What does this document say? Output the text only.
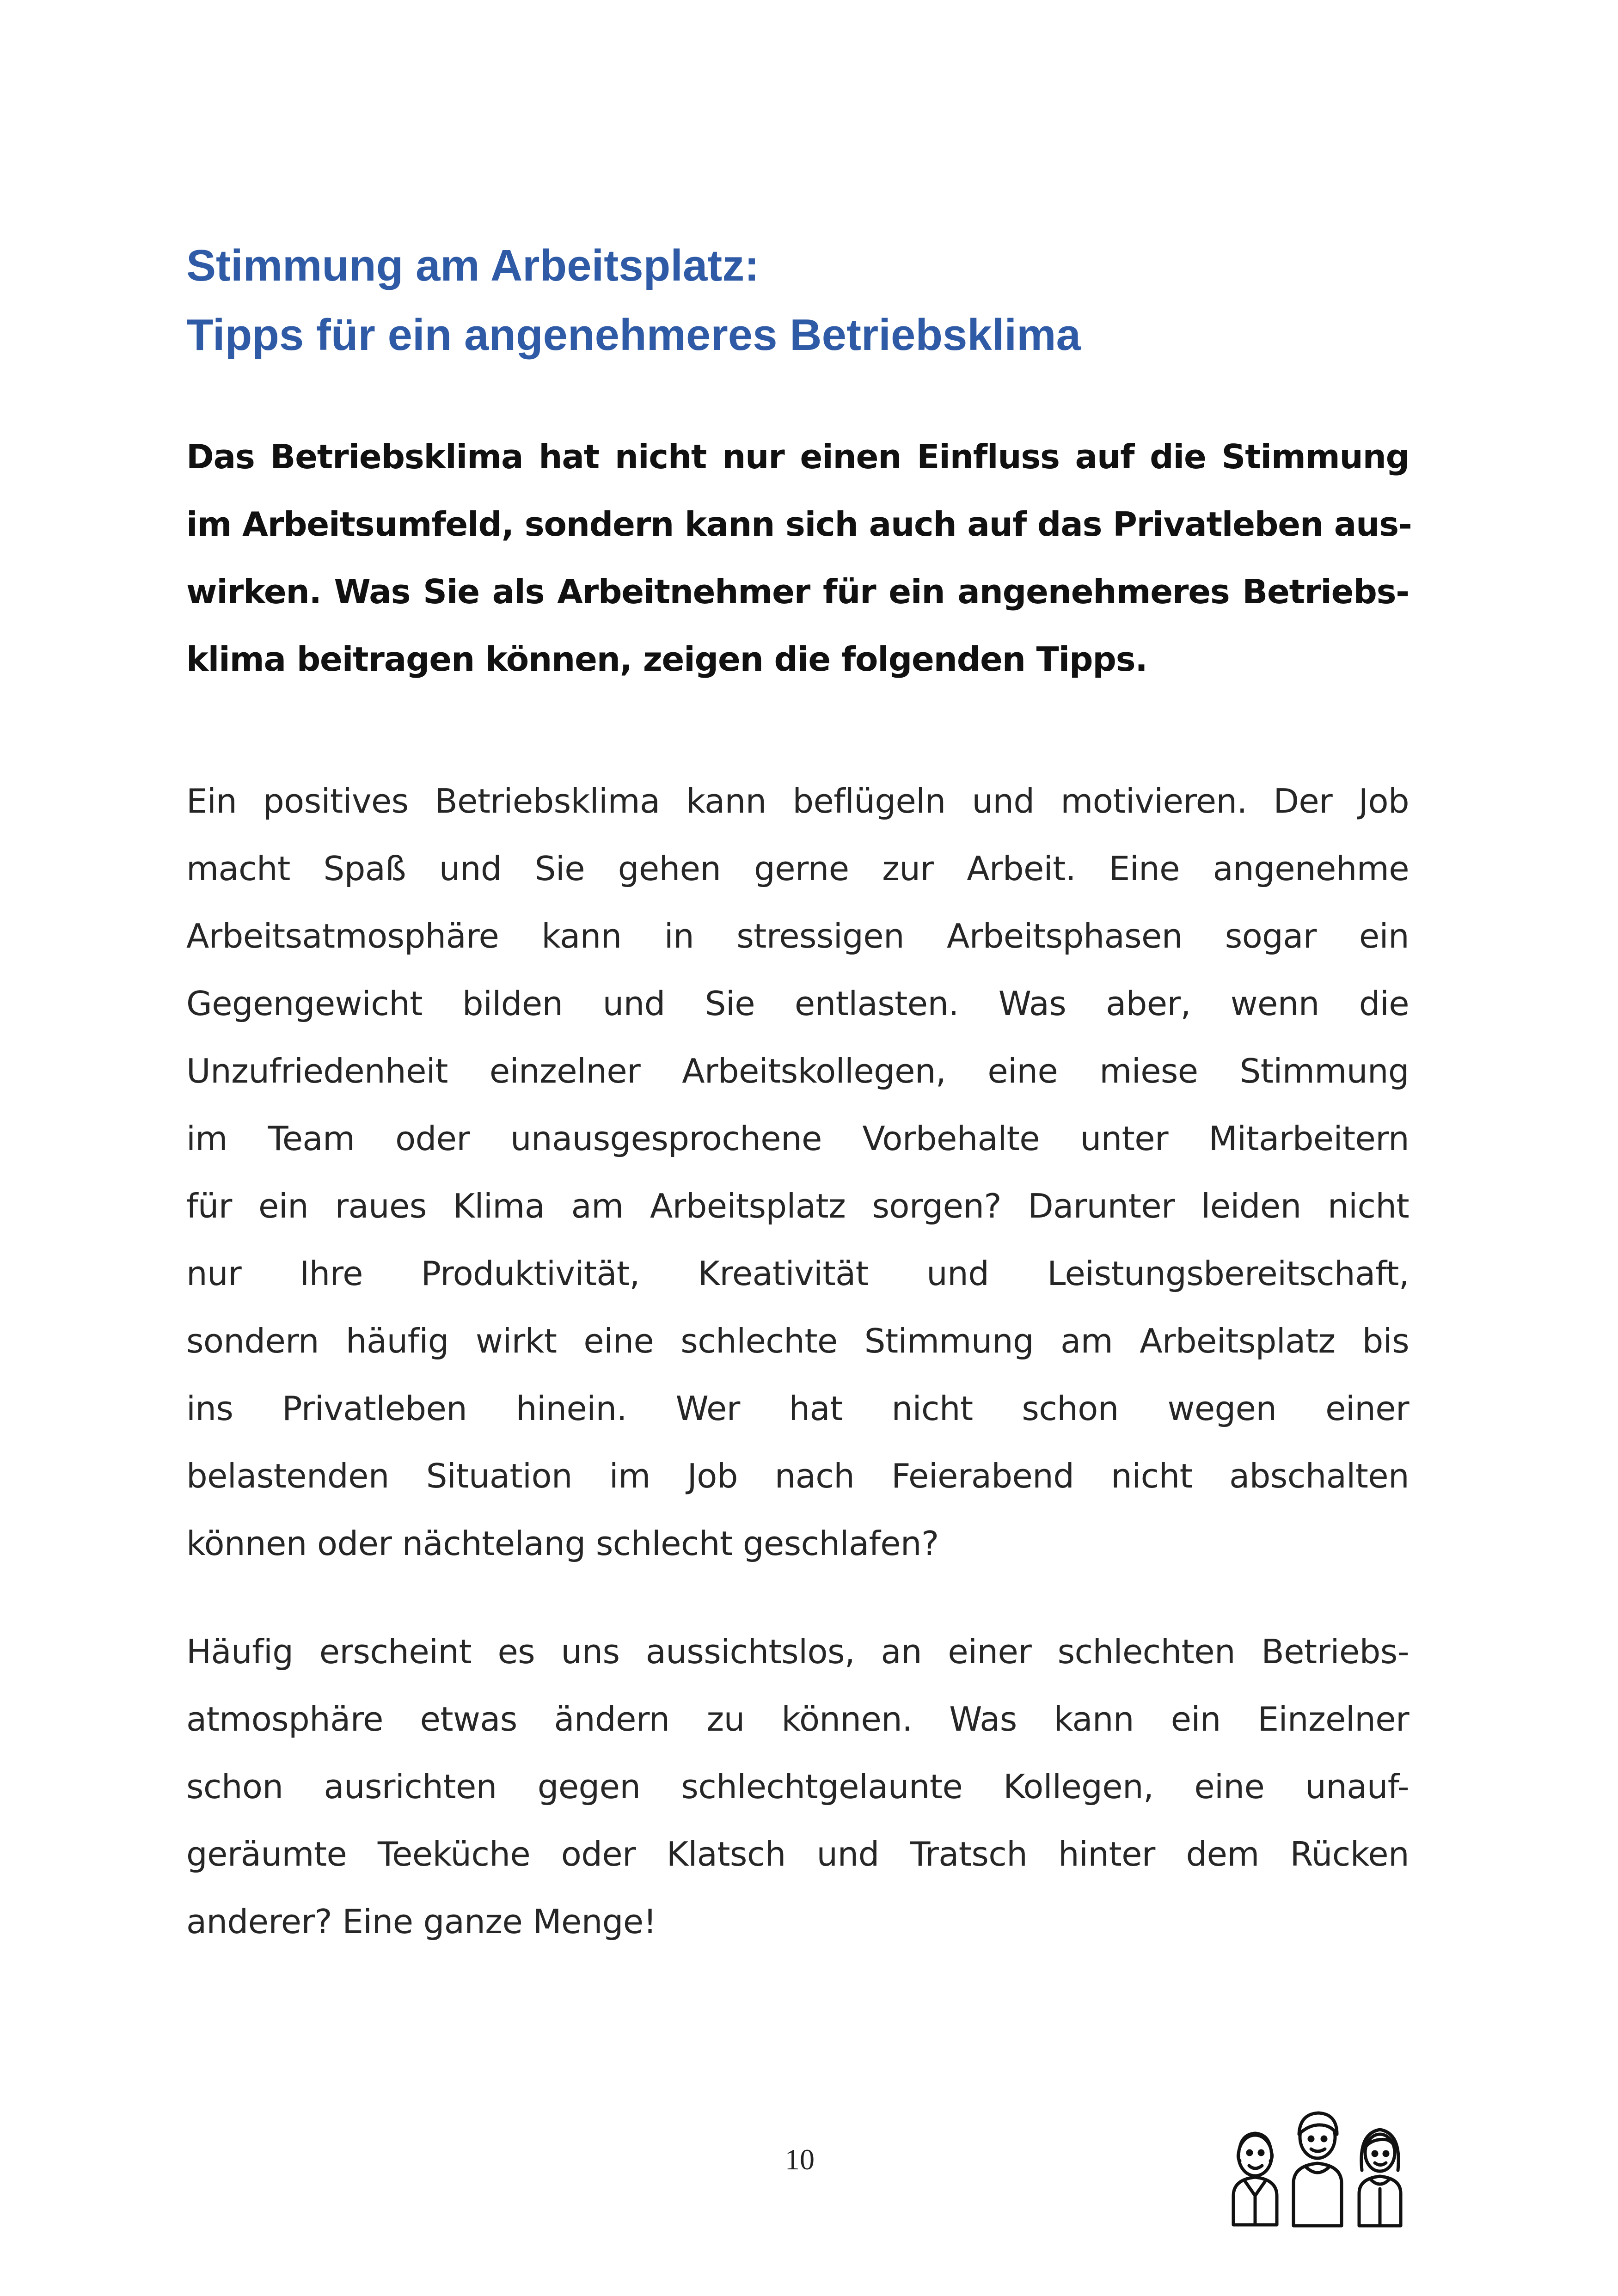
Stimmung am Arbeitsplatz:
Tipps für ein angenehmeres Betriebsklima
Das Betriebsklima hat nicht nur einen Einfluss auf die Stimmung
im Arbeitsumfeld, sondern kann sich auch auf das Privatleben aus-
wirken. Was Sie als Arbeitnehmer für ein angenehmeres Betriebs-
klima beitragen können, zeigen die folgenden Tipps.
Ein positives Betriebsklima kann beflügeln und motivieren. Der Job
macht Spaß und Sie gehen gerne zur Arbeit. Eine angenehme
Arbeitsatmosphäre kann in stressigen Arbeitsphasen sogar ein
Gegengewicht bilden und Sie entlasten. Was aber, wenn die
Unzufriedenheit einzelner Arbeitskollegen, eine miese Stimmung
im Team oder unausgesprochene Vorbehalte unter Mitarbeitern
für ein raues Klima am Arbeitsplatz sorgen? Darunter leiden nicht
nur Ihre Produktivität, Kreativität und Leistungsbereitschaft,
sondern häufig wirkt eine schlechte Stimmung am Arbeitsplatz bis
ins Privatleben hinein. Wer hat nicht schon wegen einer
belastenden Situation im Job nach Feierabend nicht abschalten
können oder nächtelang schlecht geschlafen?
Häufig erscheint es uns aussichtslos, an einer schlechten Betriebs-
atmosphäre etwas ändern zu können. Was kann ein Einzelner
schon ausrichten gegen schlechtgelaunte Kollegen, eine unauf-
geräumte Teeküche oder Klatsch und Tratsch hinter dem Rücken
anderer? Eine ganze Menge!
10
